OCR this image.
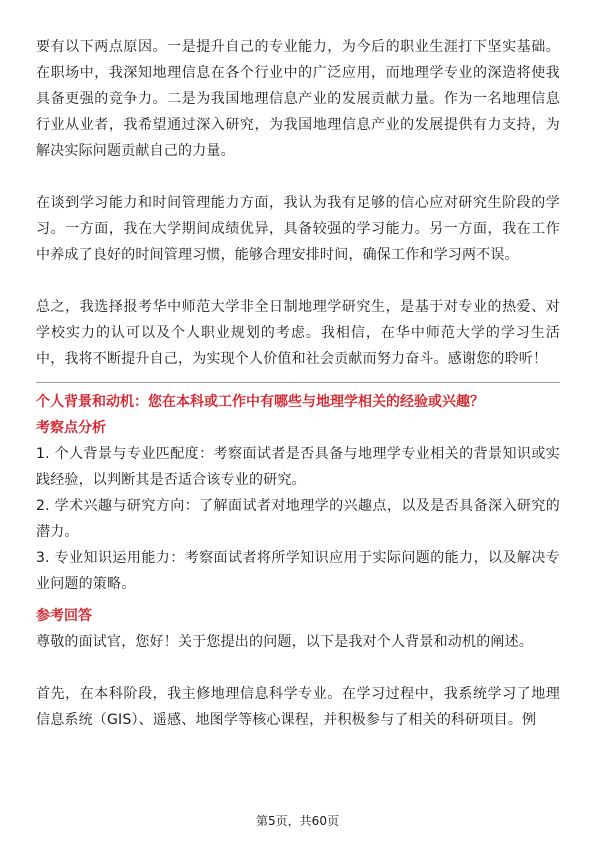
要有以下两点原因。一是提升自己的专业能力，为今后的职业生涯打下坚实基础。在职场中，我深知地理信息在各个行业中的广泛应用，而地理学专业的深造将使我具备更强的竞争力。二是为我国地理信息产业的发展贡献力量。作为一名地理信息行业从业者，我希望通过深入研究，为我国地理信息产业的发展提供有力支持，为解决实际问题贡献自己的力量。

在谈到学习能力和时间管理能力方面，我认为我有足够的信心应对研究生阶段的学习。一方面，我在大学期间成绩优异，具备较强的学习能力。另一方面，我在工作中养成了良好的时间管理习惯，能够合理安排时间，确保工作和学习两不误。

总之，我选择报考华中师范大学非全日制地理学研究生，是基于对专业的热爱、对学校实力的认可以及个人职业规划的考虑。我相信，在华中师范大学的学习生活中，我将不断提升自己，为实现个人价值和社会贡献而努力奋斗。感谢您的聆听！

个人背景和动机：您在本科或工作中有哪些与地理学相关的经验或兴趣？
考察点分析

1. 个人背景与专业匹配度：考察面试者是否具备与地理学专业相关的背景知识或实践经验，以判断其是否适合该专业的研究。

2. 学术兴趣与研究方向：了解面试者对地理学的兴趣点，以及是否具备深入研究的潜力。

3. 专业知识运用能力：考察面试者将所学知识应用于实际问题的能力，以及解决专业问题的策略。

参考回答

尊敬的面试官，您好！关于您提出的问题，以下是我对个人背景和动机的阐述。

首先，在本科阶段，我主修地理信息科学专业。在学习过程中，我系统学习了地理信息系统（GIS）、遥感、地图学等核心课程，并积极参与了相关的科研项目。例

第5页，共60页
